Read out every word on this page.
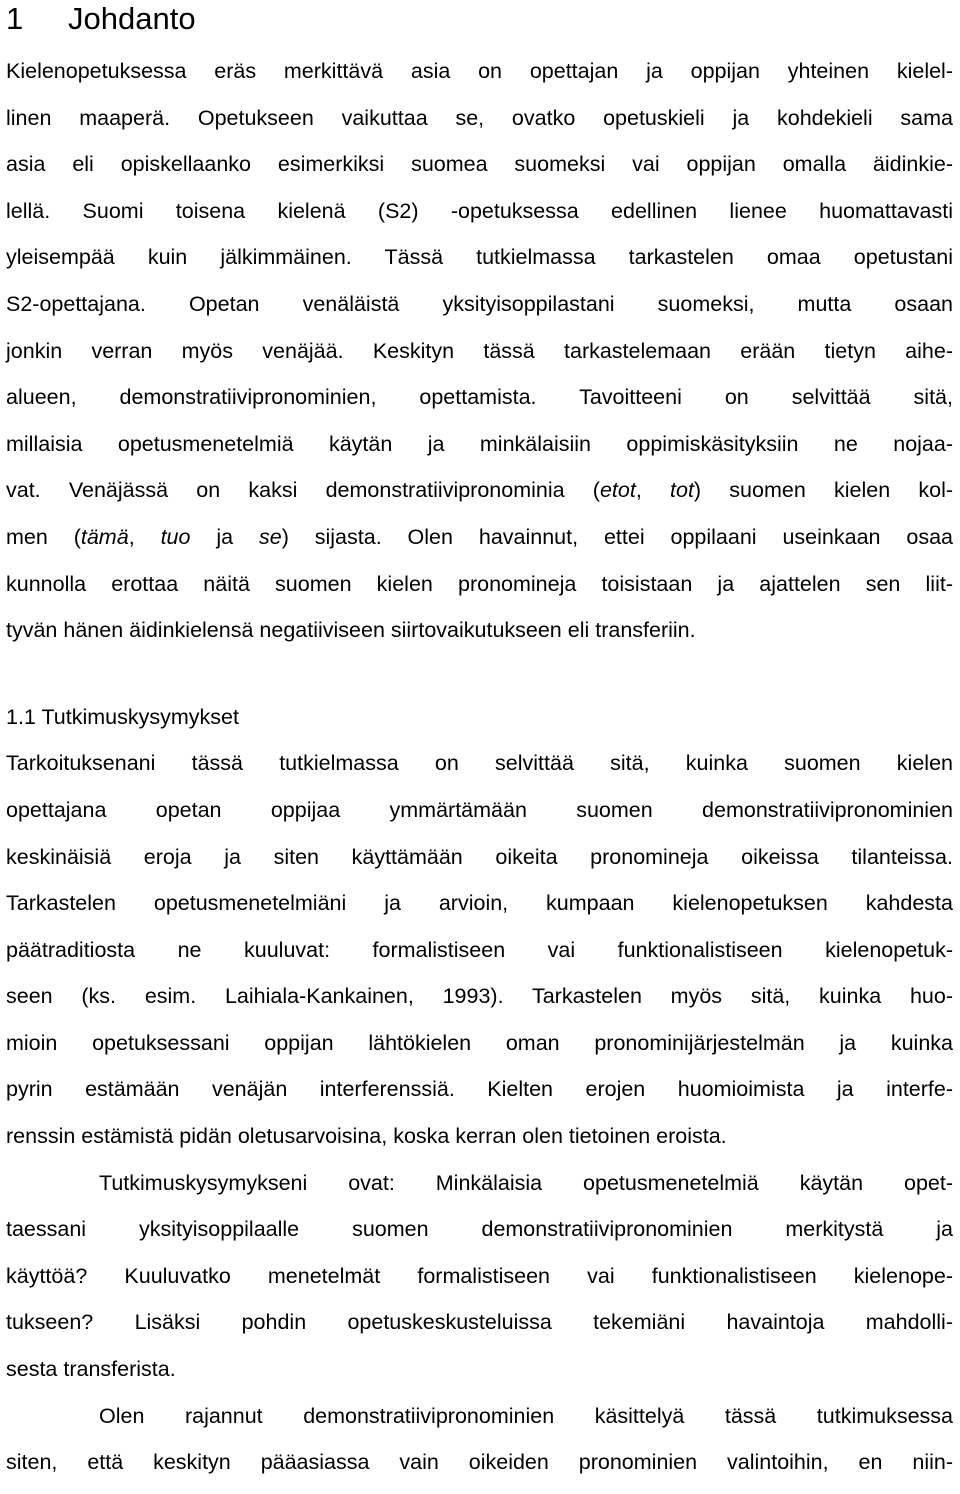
1 Johdanto

Kielenopetuksessa eräs merkittävä asia on opettajan ja oppijan yhteinen kielel-
linen maaperä. Opetukseen vaikuttaa se, ovatko opetuskieli ja kohdekieli sama
asia eli opiskellaanko esimerkiksi suomea suomeksi vai oppijan omalla äidinkie-
lellä. Suomi toisena kielenä (S2) -opetuksessa edellinen lienee huomattavasti
yleisempää kuin jälkimmäinen. Tässä tutkielmassa tarkastelen omaa opetustani
S2-opettajana. Opetan venäläistä yksityisoppilastani suomeksi, mutta osaan
jonkin verran myös venäjää. Keskityn tässä tarkastelemaan erään tietyn aihe-
alueen, demonstratiivipronominien, opettamista. Tavoitteeni on selvittää sitä,
millaisia opetusmenetelmiä käytän ja minkälaisiin oppimiskäsityksiin ne nojaa-
vat. Venäjässä on kaksi demonstratiivipronominia (etot, tot) suomen kielen kol-
men (tämä, tuo ja se) sijasta. Olen havainnut, ettei oppilaani useinkaan osaa
kunnolla erottaa näitä suomen kielen pronomineja toisistaan ja ajattelen sen liit-
tyvän hänen äidinkielensä negatiiviseen siirtovaikutukseen eli transferiin.

1.1 Tutkimuskysymykset

Tarkoituksenani tässä tutkielmassa on selvittää sitä, kuinka suomen kielen
opettajana opetan oppijaa ymmärtämään suomen demonstratiivipronominien
keskinäisiä eroja ja siten käyttämään oikeita pronomineja oikeissa tilanteissa.
Tarkastelen opetusmenetelmiäni ja arvioin, kumpaan kielenopetuksen kahdesta
päätraditiosta ne kuuluvat: formalistiseen vai funktionalistiseen kielenopetuk-
seen (ks. esim. Laihiala-Kankainen, 1993). Tarkastelen myös sitä, kuinka huo-
mioin opetuksessani oppijan lähtökielen oman pronominijärjestelmän ja kuinka
pyrin estämään venäjän interferenssiä. Kielten erojen huomioimista ja interfe-
renssin estämistä pidän oletusarvoisina, koska kerran olen tietoinen eroista.

Tutkimuskysymykseni ovat: Minkälaisia opetusmenetelmiä käytän opet-
taessani yksityisoppilaalle suomen demonstratiivipronominien merkitystä ja
käyttöä? Kuuluvatko menetelmät formalistiseen vai funktionalistiseen kielenope-
tukseen? Lisäksi pohdin opetuskeskusteluissa tekemiäni havaintoja mahdolli-
sesta transferista.

Olen rajannut demonstratiivipronominien käsittelyä tässä tutkimuksessa
siten, että keskityn pääasiassa vain oikeiden pronominien valintoihin, en niin-
